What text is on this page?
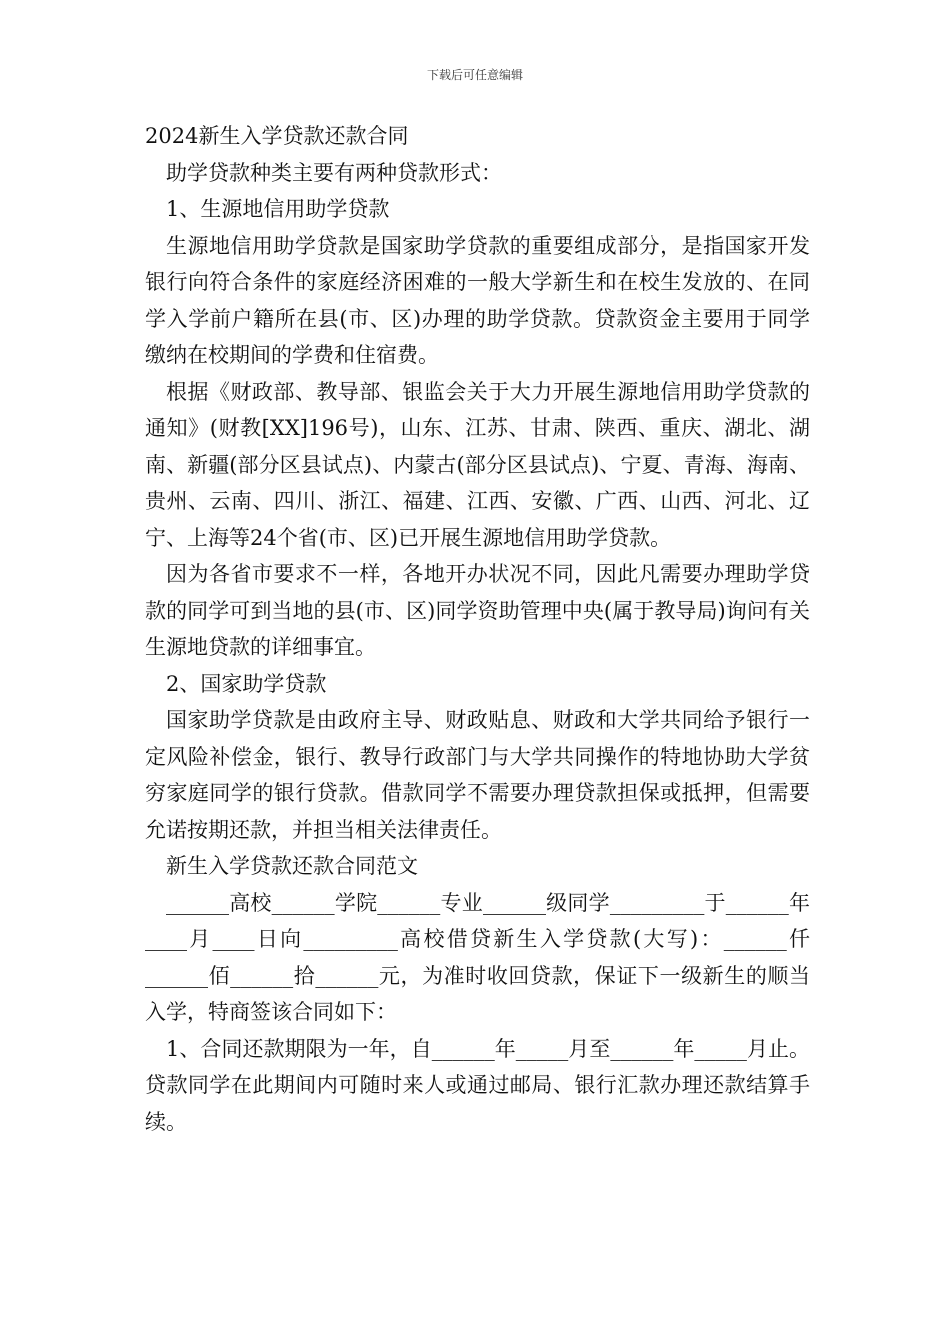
下载后可任意编辑

2024新生入学贷款还款合同

助学贷款种类主要有两种贷款形式：

1、生源地信用助学贷款

生源地信用助学贷款是国家助学贷款的重要组成部分，是指国家开发银行向符合条件的家庭经济困难的一般大学新生和在校生发放的、在同学入学前户籍所在县(市、区)办理的助学贷款。贷款资金主要用于同学缴纳在校期间的学费和住宿费。

根据《财政部、教导部、银监会关于大力开展生源地信用助学贷款的通知》(财教[XX]196号)，山东、江苏、甘肃、陕西、重庆、湖北、湖南、新疆(部分区县试点)、内蒙古(部分区县试点)、宁夏、青海、海南、贵州、云南、四川、浙江、福建、江西、安徽、广西、山西、河北、辽宁、上海等24个省(市、区)已开展生源地信用助学贷款。

因为各省市要求不一样，各地开办状况不同，因此凡需要办理助学贷款的同学可到当地的县(市、区)同学资助管理中央(属于教导局)询问有关生源地贷款的详细事宜。

2、国家助学贷款

国家助学贷款是由政府主导、财政贴息、财政和大学共同给予银行一定风险补偿金，银行、教导行政部门与大学共同操作的特地协助大学贫穷家庭同学的银行贷款。借款同学不需要办理贷款担保或抵押，但需要允诺按期还款，并担当相关法律责任。

新生入学贷款还款合同范文

______高校______学院______专业______级同学_________于______年____月____日向_________高校借贷新生入学贷款(大写)：______仟______佰______拾______元，为准时收回贷款，保证下一级新生的顺当入学，特商签该合同如下：

1、合同还款期限为一年，自______年_____月至______年_____月止。贷款同学在此期间内可随时来人或通过邮局、银行汇款办理还款结算手续。
